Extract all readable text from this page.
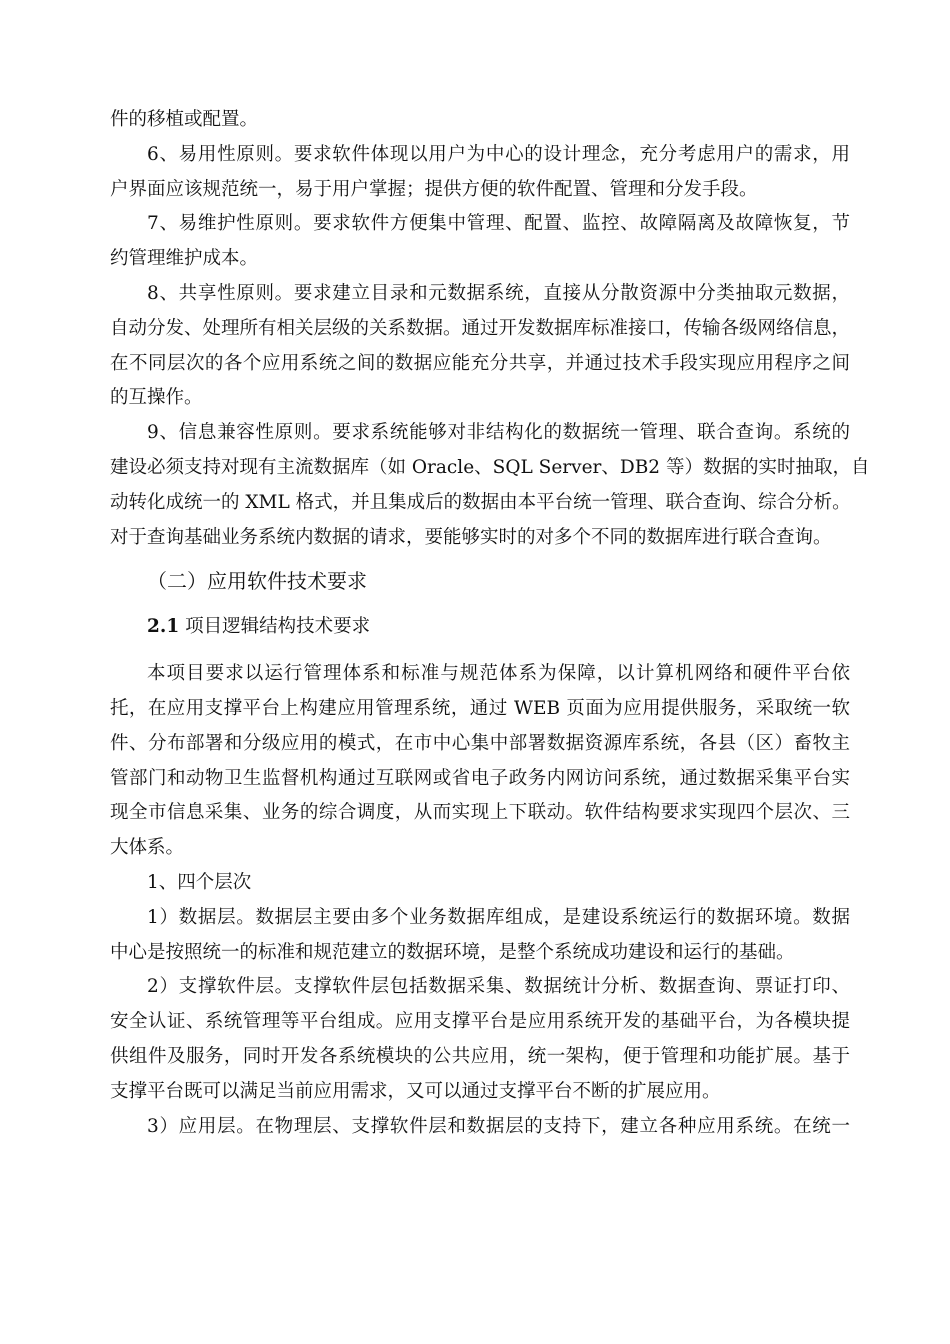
件的移植或配置。
6、易用性原则。要求软件体现以用户为中心的设计理念，充分考虑用户的需求，用
户界面应该规范统一，易于用户掌握；提供方便的软件配置、管理和分发手段。
7、易维护性原则。要求软件方便集中管理、配置、监控、故障隔离及故障恢复，节
约管理维护成本。
8、共享性原则。要求建立目录和元数据系统，直接从分散资源中分类抽取元数据，
自动分发、处理所有相关层级的关系数据。通过开发数据库标准接口，传输各级网络信息，
在不同层次的各个应用系统之间的数据应能充分共享，并通过技术手段实现应用程序之间
的互操作。
9、信息兼容性原则。要求系统能够对非结构化的数据统一管理、联合查询。系统的
建设必须支持对现有主流数据库（如 Oracle、SQL Server、DB2 等）数据的实时抽取，自
动转化成统一的 XML 格式，并且集成后的数据由本平台统一管理、联合查询、综合分析。
对于查询基础业务系统内数据的请求，要能够实时的对多个不同的数据库进行联合查询。
（二）应用软件技术要求
2.1 项目逻辑结构技术要求
本项目要求以运行管理体系和标准与规范体系为保障，以计算机网络和硬件平台依
托，在应用支撑平台上构建应用管理系统，通过 WEB 页面为应用提供服务，采取统一软
件、分布部署和分级应用的模式，在市中心集中部署数据资源库系统，各县（区）畜牧主
管部门和动物卫生监督机构通过互联网或省电子政务内网访问系统，通过数据采集平台实
现全市信息采集、业务的综合调度，从而实现上下联动。软件结构要求实现四个层次、三
大体系。
1、四个层次
1）数据层。数据层主要由多个业务数据库组成，是建设系统运行的数据环境。数据
中心是按照统一的标准和规范建立的数据环境，是整个系统成功建设和运行的基础。
2）支撑软件层。支撑软件层包括数据采集、数据统计分析、数据查询、票证打印、
安全认证、系统管理等平台组成。应用支撑平台是应用系统开发的基础平台，为各模块提
供组件及服务，同时开发各系统模块的公共应用，统一架构，便于管理和功能扩展。基于
支撑平台既可以满足当前应用需求，又可以通过支撑平台不断的扩展应用。
3）应用层。在物理层、支撑软件层和数据层的支持下，建立各种应用系统。在统一
